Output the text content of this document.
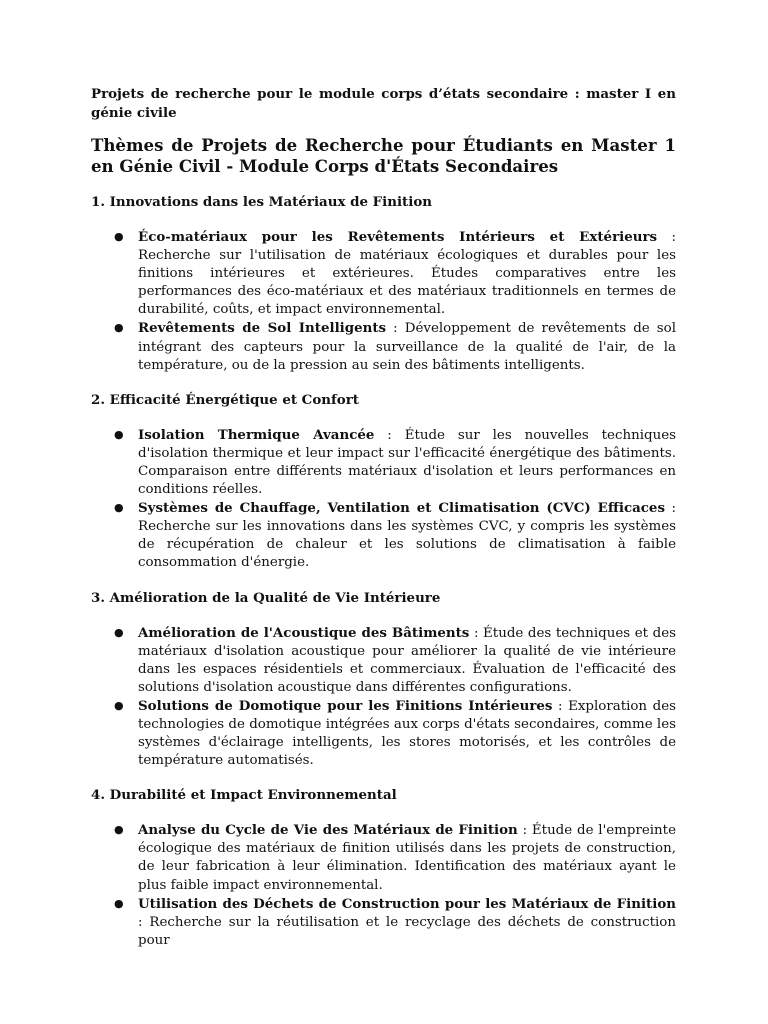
Projets de recherche pour le module corps d’états secondaire : master I en génie civile

Thèmes de Projets de Recherche pour Étudiants en Master 1 en Génie Civil - Module Corps d'États Secondaires
1. Innovations dans les Matériaux de Finition
● Éco-matériaux pour les Revêtements Intérieurs et Extérieurs : Recherche sur l'utilisation de matériaux écologiques et durables pour les finitions intérieures et extérieures. Études comparatives entre les performances des éco-matériaux et des matériaux traditionnels en termes de durabilité, coûts, et impact environnemental.
● Revêtements de Sol Intelligents : Développement de revêtements de sol intégrant des capteurs pour la surveillance de la qualité de l'air, de la température, ou de la pression au sein des bâtiments intelligents.
2. Efficacité Énergétique et Confort
● Isolation Thermique Avancée : Étude sur les nouvelles techniques d'isolation thermique et leur impact sur l'efficacité énergétique des bâtiments. Comparaison entre différents matériaux d'isolation et leurs performances en conditions réelles.
● Systèmes de Chauffage, Ventilation et Climatisation (CVC) Efficaces : Recherche sur les innovations dans les systèmes CVC, y compris les systèmes de récupération de chaleur et les solutions de climatisation à faible consommation d'énergie.
3. Amélioration de la Qualité de Vie Intérieure
● Amélioration de l'Acoustique des Bâtiments : Étude des techniques et des matériaux d'isolation acoustique pour améliorer la qualité de vie intérieure dans les espaces résidentiels et commerciaux. Évaluation de l'efficacité des solutions d'isolation acoustique dans différentes configurations.
● Solutions de Domotique pour les Finitions Intérieures : Exploration des technologies de domotique intégrées aux corps d'états secondaires, comme les systèmes d'éclairage intelligents, les stores motorisés, et les contrôles de température automatisés.
4. Durabilité et Impact Environnemental
● Analyse du Cycle de Vie des Matériaux de Finition : Étude de l'empreinte écologique des matériaux de finition utilisés dans les projets de construction, de leur fabrication à leur élimination. Identification des matériaux ayant le plus faible impact environnemental.
● Utilisation des Déchets de Construction pour les Matériaux de Finition : Recherche sur la réutilisation et le recyclage des déchets de construction pour
